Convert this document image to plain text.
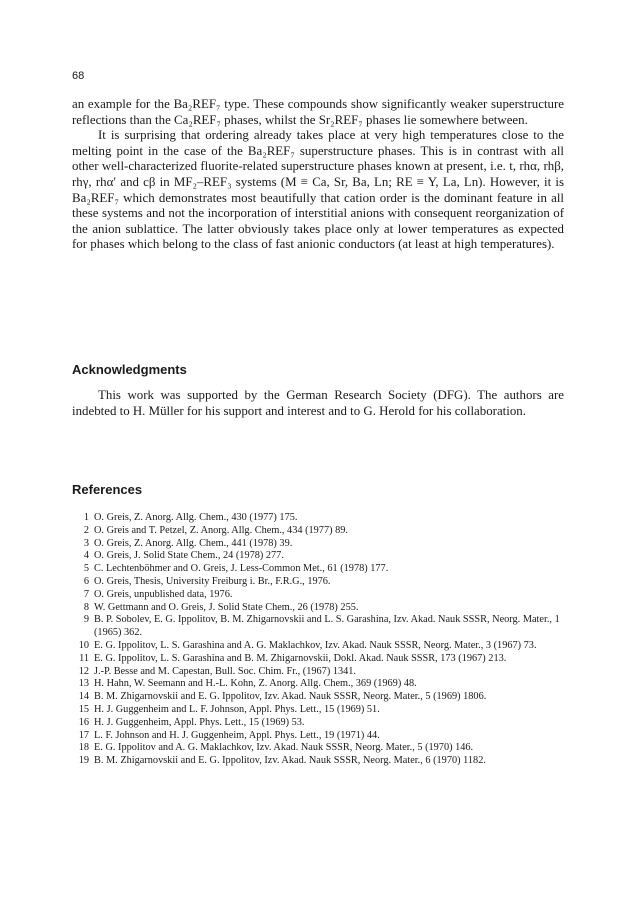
68

an example for the Ba₂REF₇ type. These compounds show significantly weaker superstructure reflections than the Ca₂REF₇ phases, whilst the Sr₂REF₇ phases lie somewhere between.

It is surprising that ordering already takes place at very high temperatures close to the melting point in the case of the Ba₂REF₇ superstructure phases. This is in contrast with all other well-characterized fluorite-related superstructure phases known at present, i.e. t, rhα, rhβ, rhγ, rhα′ and cβ in MF₂–REF₃ systems (M ≡ Ca, Sr, Ba, Ln; RE ≡ Y, La, Ln). However, it is Ba₂REF₇ which demonstrates most beautifully that cation order is the dominant feature in all these systems and not the incorporation of interstitial anions with consequent reorganization of the anion sublattice. The latter obviously takes place only at lower temperatures as expected for phases which belong to the class of fast anionic conductors (at least at high temperatures).

Acknowledgments

This work was supported by the German Research Society (DFG). The authors are indebted to H. Müller for his support and interest and to G. Herold for his collaboration.

References
1 O. Greis, Z. Anorg. Allg. Chem., 430 (1977) 175.
2 O. Greis and T. Petzel, Z. Anorg. Allg. Chem., 434 (1977) 89.
3 O. Greis, Z. Anorg. Allg. Chem., 441 (1978) 39.
4 O. Greis, J. Solid State Chem., 24 (1978) 277.
5 C. Lechtenböhmer and O. Greis, J. Less-Common Met., 61 (1978) 177.
6 O. Greis, Thesis, University Freiburg i. Br., F.R.G., 1976.
7 O. Greis, unpublished data, 1976.
8 W. Gettmann and O. Greis, J. Solid State Chem., 26 (1978) 255.
9 B. P. Sobolev, E. G. Ippolitov, B. M. Zhigarnovskii and L. S. Garashina, Izv. Akad. Nauk SSSR, Neorg. Mater., 1 (1965) 362.
10 E. G. Ippolitov, L. S. Garashina and A. G. Maklachkov, Izv. Akad. Nauk SSSR, Neorg. Mater., 3 (1967) 73.
11 E. G. Ippolitov, L. S. Garashina and B. M. Zhigarnovskii, Dokl. Akad. Nauk SSSR, 173 (1967) 213.
12 J.-P. Besse and M. Capestan, Bull. Soc. Chim. Fr., (1967) 1341.
13 H. Hahn, W. Seemann and H.-L. Kohn, Z. Anorg. Allg. Chem., 369 (1969) 48.
14 B. M. Zhigarnovskii and E. G. Ippolitov, Izv. Akad. Nauk SSSR, Neorg. Mater., 5 (1969) 1806.
15 H. J. Guggenheim and L. F. Johnson, Appl. Phys. Lett., 15 (1969) 51.
16 H. J. Guggenheim, Appl. Phys. Lett., 15 (1969) 53.
17 L. F. Johnson and H. J. Guggenheim, Appl. Phys. Lett., 19 (1971) 44.
18 E. G. Ippolitov and A. G. Maklachkov, Izv. Akad. Nauk SSSR, Neorg. Mater., 5 (1970) 146.
19 B. M. Zhigarnovskii and E. G. Ippolitov, Izv. Akad. Nauk SSSR, Neorg. Mater., 6 (1970) 1182.
